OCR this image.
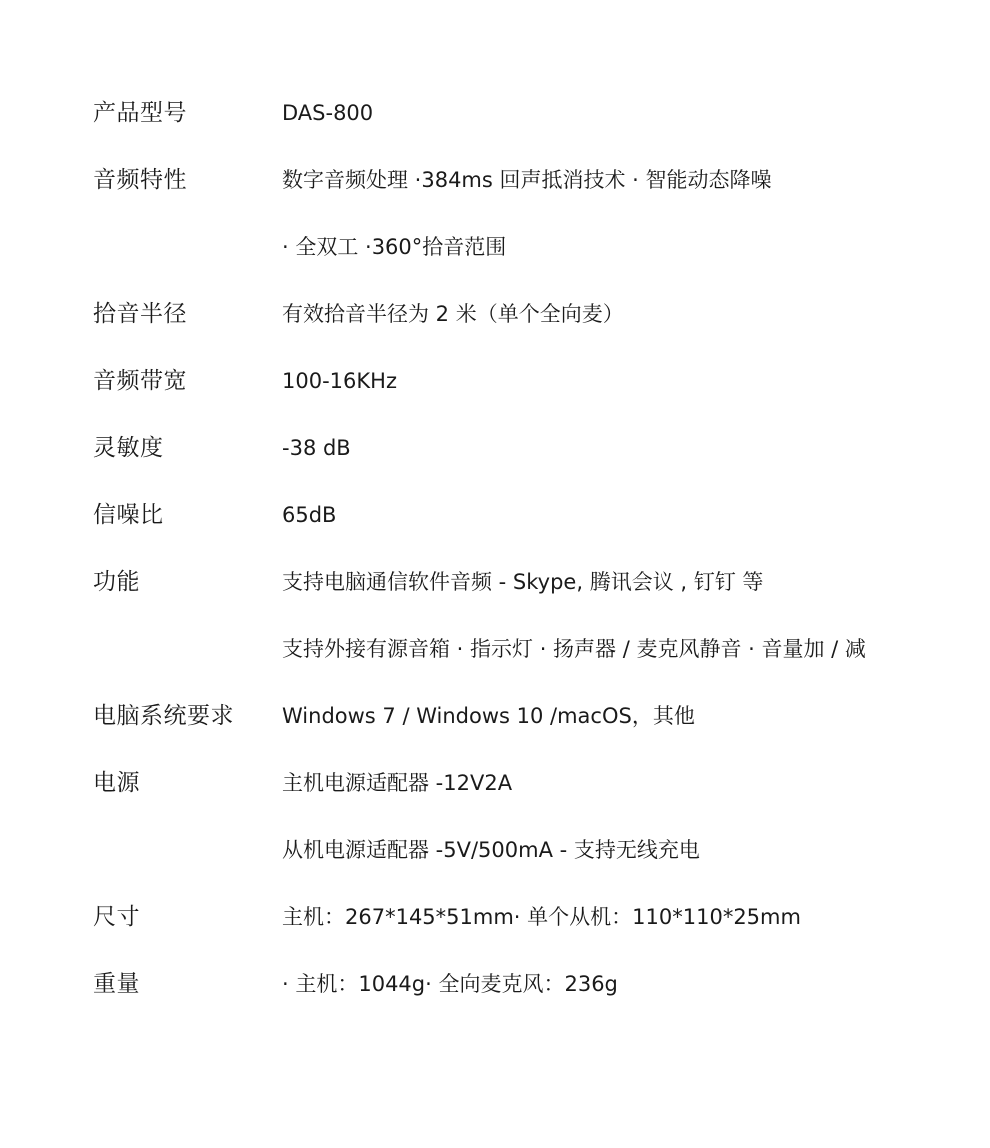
产品型号	DAS-800
音频特性	数字音频处理 ·384ms 回声抵消技术 · 智能动态降噪
· 全双工 ·360°拾音范围
拾音半径	有效拾音半径为 2 米（单个全向麦）
音频带宽	100-16KHz
灵敏度	-38 dB
信噪比	65dB
功能	支持电脑通信软件音频 - Skype, 腾讯会议 , 钉钉 等
支持外接有源音箱 · 指示灯 · 扬声器 / 麦克风静音 · 音量加 / 减
电脑系统要求	Windows 7 / Windows 10 /macOS，其他
电源	主机电源适配器 -12V2A
从机电源适配器 -5V/500mA - 支持无线充电
尺寸	主机：267*145*51mm· 单个从机：110*110*25mm
重量	· 主机：1044g· 全向麦克风：236g
